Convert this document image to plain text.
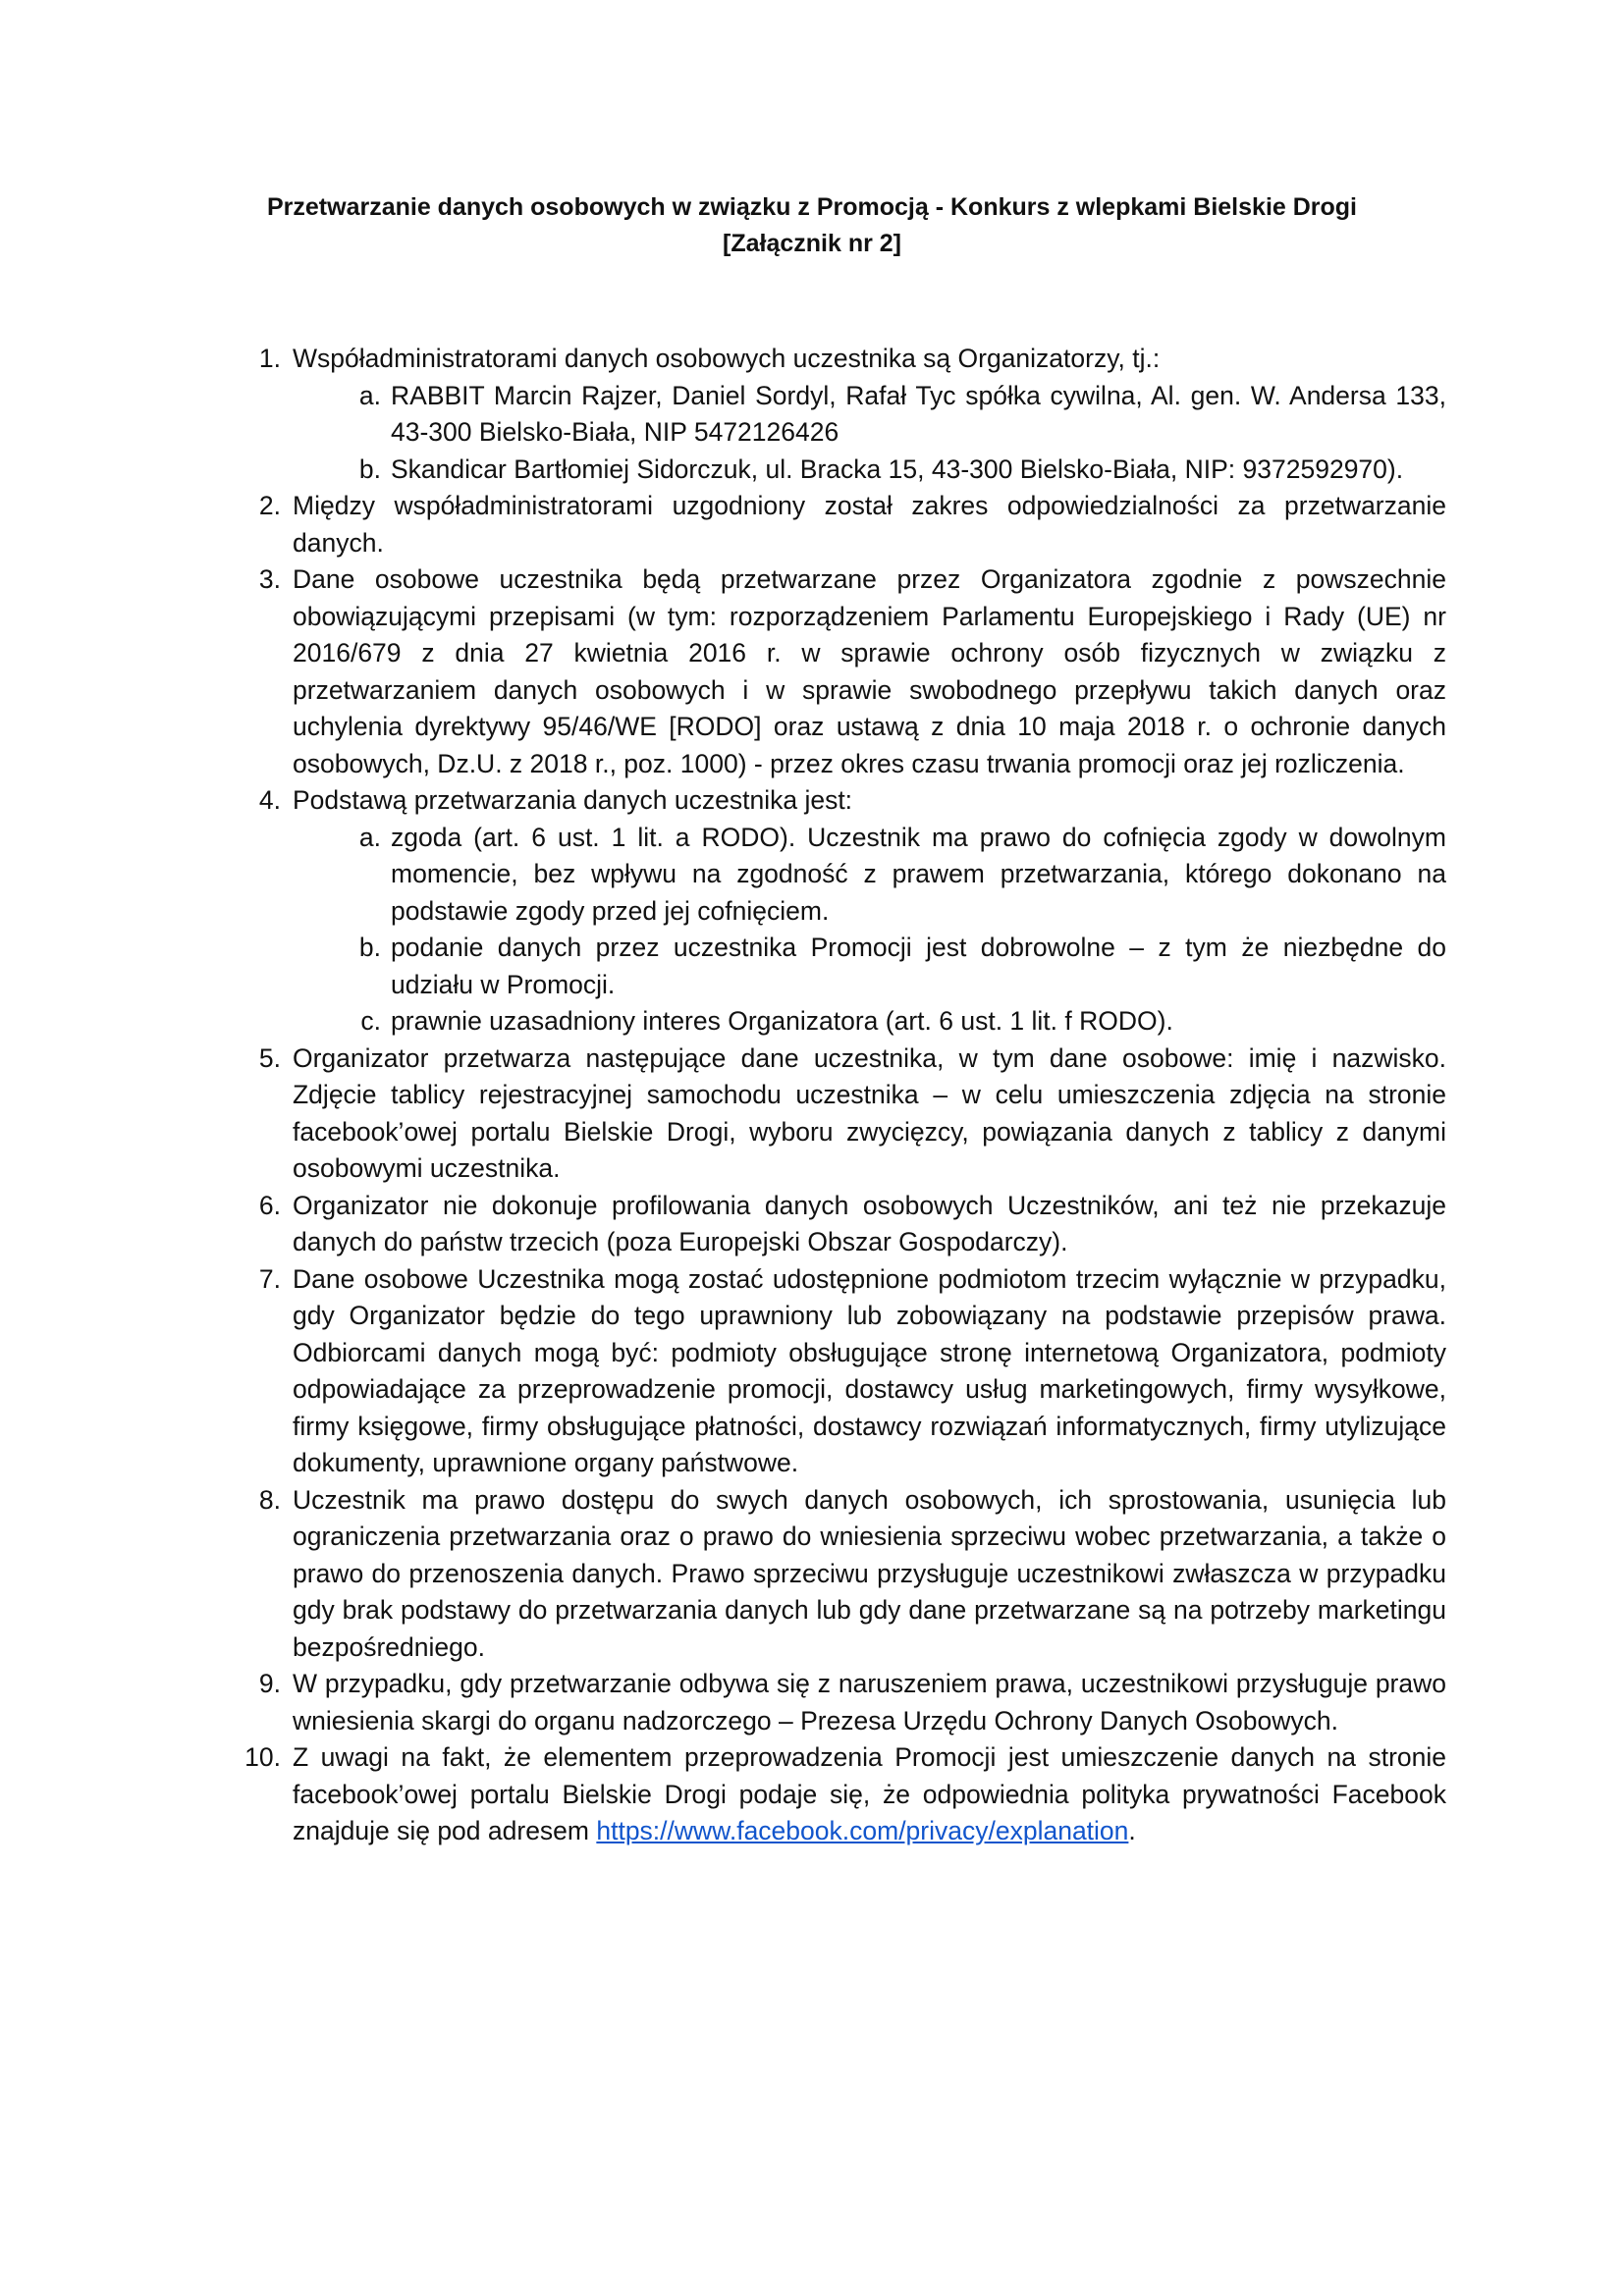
Przetwarzanie danych osobowych w związku z Promocją - Konkurs z wlepkami Bielskie Drogi
[Załącznik nr 2]
1. Współadministratorami danych osobowych uczestnika są Organizatorzy, tj.:
a. RABBIT Marcin Rajzer, Daniel Sordyl, Rafał Tyc spółka cywilna, Al. gen. W. Andersa 133, 43-300 Bielsko-Biała, NIP 5472126426
b. Skandicar Bartłomiej Sidorczuk, ul. Bracka 15, 43-300 Bielsko-Biała, NIP: 9372592970).
2. Między współadministratorami uzgodniony został zakres odpowiedzialności za przetwarzanie danych.
3. Dane osobowe uczestnika będą przetwarzane przez Organizatora zgodnie z powszechnie obowiązującymi przepisami (w tym: rozporządzeniem Parlamentu Europejskiego i Rady (UE) nr 2016/679 z dnia 27 kwietnia 2016 r. w sprawie ochrony osób fizycznych w związku z przetwarzaniem danych osobowych i w sprawie swobodnego przepływu takich danych oraz uchylenia dyrektywy 95/46/WE [RODO] oraz ustawą z dnia 10 maja 2018 r. o ochronie danych osobowych, Dz.U. z 2018 r., poz. 1000) - przez okres czasu trwania promocji oraz jej rozliczenia.
4. Podstawą przetwarzania danych uczestnika jest:
a. zgoda (art. 6 ust. 1 lit. a RODO). Uczestnik ma prawo do cofnięcia zgody w dowolnym momencie, bez wpływu na zgodność z prawem przetwarzania, którego dokonano na podstawie zgody przed jej cofnięciem.
b. podanie danych przez uczestnika Promocji jest dobrowolne – z tym że niezbędne do udziału w Promocji.
c. prawnie uzasadniony interes Organizatora (art. 6 ust. 1 lit. f RODO).
5. Organizator przetwarza następujące dane uczestnika, w tym dane osobowe: imię i nazwisko. Zdjęcie tablicy rejestracyjnej samochodu uczestnika – w celu umieszczenia zdjęcia na stronie facebook’owej portalu Bielskie Drogi, wyboru zwycięzcy, powiązania danych z tablicy z danymi osobowymi uczestnika.
6. Organizator nie dokonuje profilowania danych osobowych Uczestników, ani też nie przekazuje danych do państw trzecich (poza Europejski Obszar Gospodarczy).
7. Dane osobowe Uczestnika mogą zostać udostępnione podmiotom trzecim wyłącznie w przypadku, gdy Organizator będzie do tego uprawniony lub zobowiązany na podstawie przepisów prawa. Odbiorcami danych mogą być: podmioty obsługujące stronę internetową Organizatora, podmioty odpowiadające za przeprowadzenie promocji, dostawcy usług marketingowych, firmy wysyłkowe, firmy księgowe, firmy obsługujące płatności, dostawcy rozwiązań informatycznych, firmy utylizujące dokumenty, uprawnione organy państwowe.
8. Uczestnik ma prawo dostępu do swych danych osobowych, ich sprostowania, usunięcia lub ograniczenia przetwarzania oraz o prawo do wniesienia sprzeciwu wobec przetwarzania, a także o prawo do przenoszenia danych. Prawo sprzeciwu przysługuje uczestnikowi zwłaszcza w przypadku gdy brak podstawy do przetwarzania danych lub gdy dane przetwarzane są na potrzeby marketingu bezpośredniego.
9. W przypadku, gdy przetwarzanie odbywa się z naruszeniem prawa, uczestnikowi przysługuje prawo wniesienia skargi do organu nadzorczego – Prezesa Urzędu Ochrony Danych Osobowych.
10. Z uwagi na fakt, że elementem przeprowadzenia Promocji jest umieszczenie danych na stronie facebook’owej portalu Bielskie Drogi podaje się, że odpowiednia polityka prywatności Facebook znajduje się pod adresem https://www.facebook.com/privacy/explanation.
